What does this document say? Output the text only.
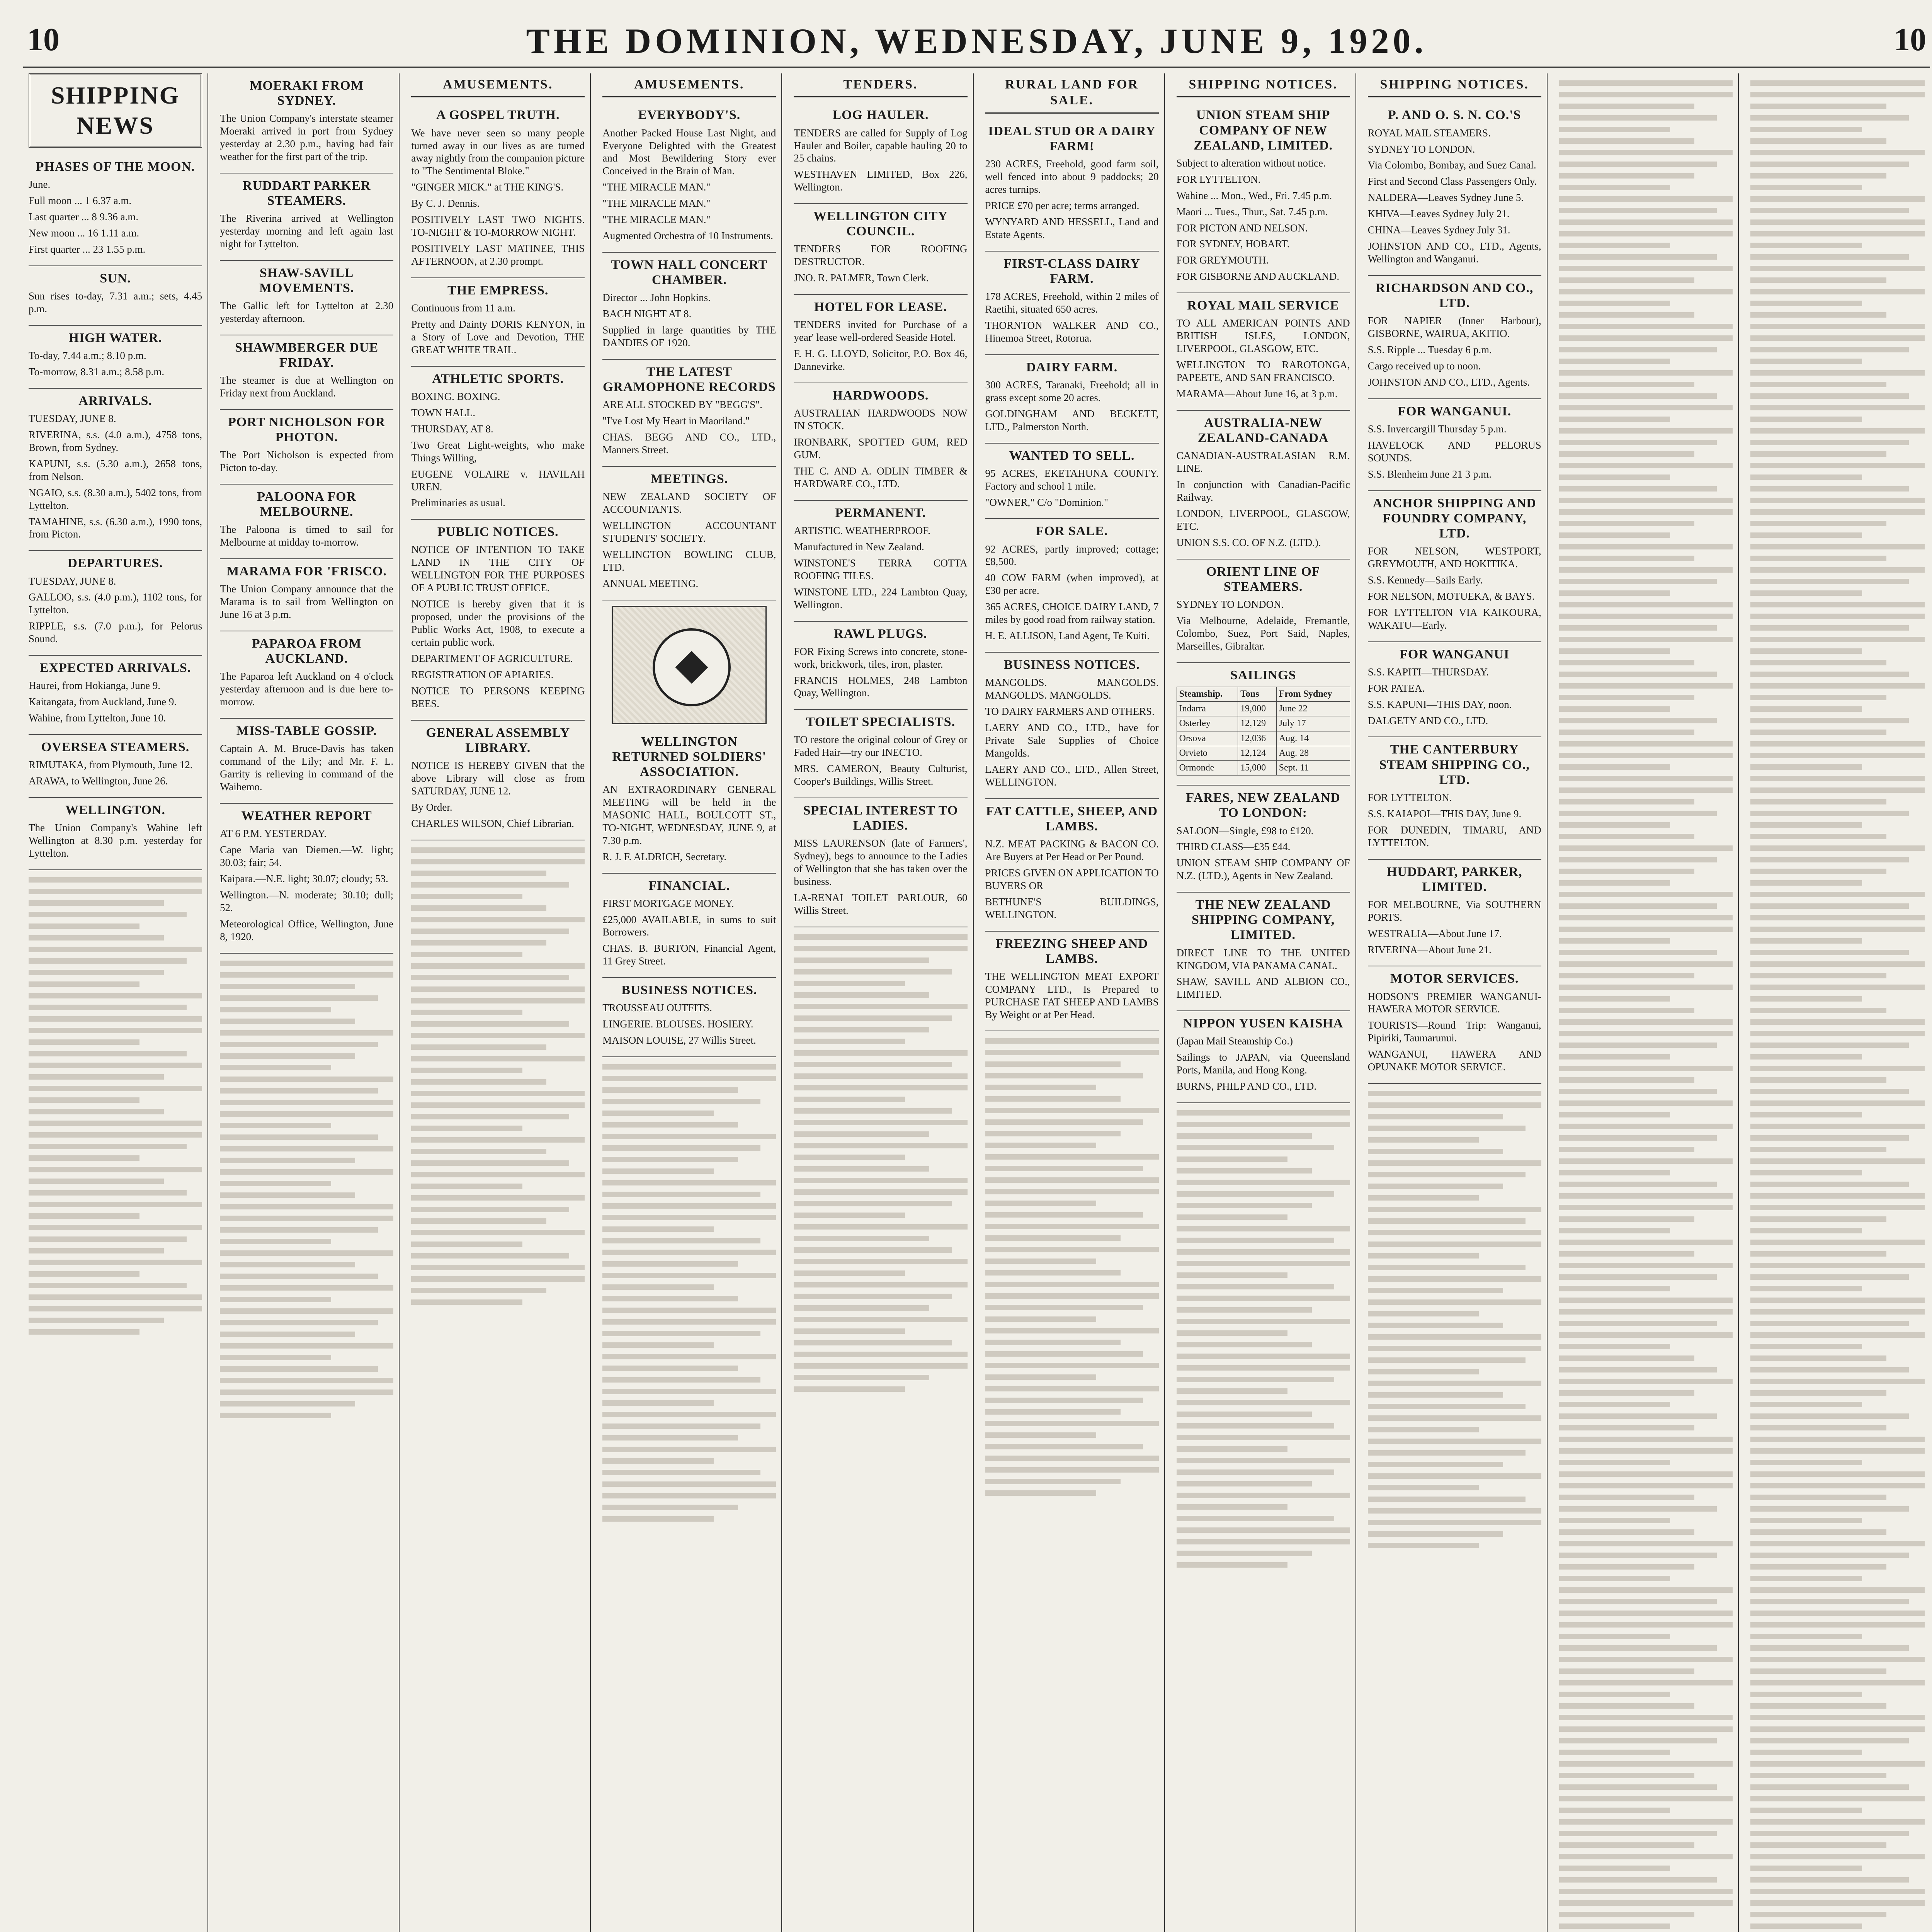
10	THE DOMINION, WEDNESDAY, JUNE 9, 1920.	10
SHIPPING NEWS
PHASES OF THE MOON.

June.

Full moon ... 1 6.37 a.m.

Last quarter ... 8 9.36 a.m.

New moon ... 16 1.11 a.m.

First quarter ... 23 1.55 p.m.

SUN.

Sun rises to-day, 7.31 a.m.; sets, 4.45 p.m.

HIGH WATER.

To-day, 7.44 a.m.; 8.10 p.m.

To-morrow, 8.31 a.m.; 8.58 p.m.

ARRIVALS.

TUESDAY, JUNE 8.

RIVERINA, s.s. (4.0 a.m.), 4758 tons, Brown, from Sydney.

KAPUNI, s.s. (5.30 a.m.), 2658 tons, from Nelson.

NGAIO, s.s. (8.30 a.m.), 5402 tons, from Lyttelton.

TAMAHINE, s.s. (6.30 a.m.), 1990 tons, from Picton.

DEPARTURES.

TUESDAY, JUNE 8.

GALLOO, s.s. (4.0 p.m.), 1102 tons, for Lyttelton.

RIPPLE, s.s. (7.0 p.m.), for Pelorus Sound.

EXPECTED ARRIVALS.

Haurei, from Hokianga, June 9.

Kaitangata, from Auckland, June 9.

Wahine, from Lyttelton, June 10.

OVERSEA STEAMERS.

RIMUTAKA, from Plymouth, June 12.

ARAWA, to Wellington, June 26.

WELLINGTON.

The Union Company's Wahine left Wellington at 8.30 p.m. yesterday for Lyttelton.

MOERAKI FROM SYDNEY.

The Union Company's interstate steamer Moeraki arrived in port from Sydney yesterday at 2.30 p.m., having had fair weather for the first part of the trip.

RUDDART PARKER STEAMERS.

The Riverina arrived at Wellington yesterday morning and left again last night for Lyttelton.

SHAW-SAVILL MOVEMENTS.

The Gallic left for Lyttelton at 2.30 yesterday afternoon.

SHAWMBERGER DUE FRIDAY.

The steamer is due at Wellington on Friday next from Auckland.

PORT NICHOLSON FOR PHOTON.

The Port Nicholson is expected from Picton to-day.

PALOONA FOR MELBOURNE.

The Paloona is timed to sail for Melbourne at midday to-morrow.

MARAMA FOR 'FRISCO.

The Union Company announce that the Marama is to sail from Wellington on June 16 at 3 p.m.

PAPAROA FROM AUCKLAND.

The Paparoa left Auckland on 4 o'clock yesterday afternoon and is due here to-morrow.

MISS-TABLE GOSSIP.

Captain A. M. Bruce-Davis has taken command of the Lily; and Mr. F. L. Garrity is relieving in command of the Waihemo.

WEATHER REPORT

AT 6 P.M. YESTERDAY.

Cape Maria van Diemen.—W. light; 30.03; fair; 54.

Kaipara.—N.E. light; 30.07; cloudy; 53.

Wellington.—N. moderate; 30.10; dull; 52.

Meteorological Office, Wellington, June 8, 1920.

AMUSEMENTS.
A GOSPEL TRUTH.

We have never seen so many people turned away in our lives as are turned away nightly from the companion picture to "The Sentimental Bloke."

"GINGER MICK." at THE KING'S.

By C. J. Dennis.

POSITIVELY LAST TWO NIGHTS. TO-NIGHT & TO-MORROW NIGHT.

POSITIVELY LAST MATINEE, THIS AFTERNOON, at 2.30 prompt.

THE EMPRESS.

Continuous from 11 a.m.

Pretty and Dainty DORIS KENYON, in a Story of Love and Devotion, THE GREAT WHITE TRAIL.

ATHLETIC SPORTS.

BOXING. BOXING.

TOWN HALL.

THURSDAY, AT 8.

Two Great Light-weights, who make Things Willing,

EUGENE VOLAIRE v. HAVILAH UREN.

Preliminaries as usual.

PUBLIC NOTICES.

NOTICE OF INTENTION TO TAKE LAND IN THE CITY OF WELLINGTON FOR THE PURPOSES OF A PUBLIC TRUST OFFICE.

NOTICE is hereby given that it is proposed, under the provisions of the Public Works Act, 1908, to execute a certain public work.

DEPARTMENT OF AGRICULTURE.

REGISTRATION OF APIARIES.

NOTICE TO PERSONS KEEPING BEES.

GENERAL ASSEMBLY LIBRARY.

NOTICE IS HEREBY GIVEN that the above Library will close as from SATURDAY, JUNE 12.

By Order.

CHARLES WILSON, Chief Librarian.

AMUSEMENTS.
EVERYBODY'S.

Another Packed House Last Night, and Everyone Delighted with the Greatest and Most Bewildering Story ever Conceived in the Brain of Man.

"THE MIRACLE MAN."

"THE MIRACLE MAN."

"THE MIRACLE MAN."

Augmented Orchestra of 10 Instruments.

TOWN HALL CONCERT CHAMBER.

Director ... John Hopkins.

BACH NIGHT AT 8.

Supplied in large quantities by THE DANDIES OF 1920.

THE LATEST GRAMOPHONE RECORDS

ARE ALL STOCKED BY "BEGG'S".

"I've Lost My Heart in Maoriland."

CHAS. BEGG AND CO., LTD., Manners Street.

MEETINGS.

NEW ZEALAND SOCIETY OF ACCOUNTANTS.

WELLINGTON ACCOUNTANT STUDENTS' SOCIETY.

WELLINGTON BOWLING CLUB, LTD.

ANNUAL MEETING.

WELLINGTON RETURNED SOLDIERS' ASSOCIATION.

AN EXTRAORDINARY GENERAL MEETING will be held in the MASONIC HALL, BOULCOTT ST., TO-NIGHT, WEDNESDAY, JUNE 9, at 7.30 p.m.

R. J. F. ALDRICH, Secretary.

FINANCIAL.

FIRST MORTGAGE MONEY.

£25,000 AVAILABLE, in sums to suit Borrowers.

CHAS. B. BURTON, Financial Agent, 11 Grey Street.

BUSINESS NOTICES.

TROUSSEAU OUTFITS.

LINGERIE. BLOUSES. HOSIERY.

MAISON LOUISE, 27 Willis Street.

TENDERS.
LOG HAULER.

TENDERS are called for Supply of Log Hauler and Boiler, capable hauling 20 to 25 chains.

WESTHAVEN LIMITED, Box 226, Wellington.

WELLINGTON CITY COUNCIL.

TENDERS FOR ROOFING DESTRUCTOR.

JNO. R. PALMER, Town Clerk.

HOTEL FOR LEASE.

TENDERS invited for Purchase of a year' lease well-ordered Seaside Hotel.

F. H. G. LLOYD, Solicitor, P.O. Box 46, Dannevirke.

HARDWOODS.

AUSTRALIAN HARDWOODS NOW IN STOCK.

IRONBARK, SPOTTED GUM, RED GUM.

THE C. AND A. ODLIN TIMBER & HARDWARE CO., LTD.

PERMANENT.

ARTISTIC. WEATHERPROOF.

Manufactured in New Zealand.

WINSTONE'S TERRA COTTA ROOFING TILES.

WINSTONE LTD., 224 Lambton Quay, Wellington.

RAWL PLUGS.

FOR Fixing Screws into concrete, stone-work, brickwork, tiles, iron, plaster.

FRANCIS HOLMES, 248 Lambton Quay, Wellington.

TOILET SPECIALISTS.

TO restore the original colour of Grey or Faded Hair—try our INECTO.

MRS. CAMERON, Beauty Culturist, Cooper's Buildings, Willis Street.

SPECIAL INTEREST TO LADIES.

MISS LAURENSON (late of Farmers', Sydney), begs to announce to the Ladies of Wellington that she has taken over the business.

LA-RENAI TOILET PARLOUR, 60 Willis Street.

RURAL LAND FOR SALE.
IDEAL STUD OR A DAIRY FARM!

230 ACRES, Freehold, good farm soil, well fenced into about 9 paddocks; 20 acres turnips.

PRICE £70 per acre; terms arranged.

WYNYARD AND HESSELL, Land and Estate Agents.

FIRST-CLASS DAIRY FARM.

178 ACRES, Freehold, within 2 miles of Raetihi, situated 650 acres.

THORNTON WALKER AND CO., Hinemoa Street, Rotorua.

DAIRY FARM.

300 ACRES, Taranaki, Freehold; all in grass except some 20 acres.

GOLDINGHAM AND BECKETT, LTD., Palmerston North.

WANTED TO SELL.

95 ACRES, EKETAHUNA COUNTY. Factory and school 1 mile.

"OWNER," C/o "Dominion."

FOR SALE.

92 ACRES, partly improved; cottage; £8,500.

40 COW FARM (when improved), at £30 per acre.

365 ACRES, CHOICE DAIRY LAND, 7 miles by good road from railway station.

H. E. ALLISON, Land Agent, Te Kuiti.

BUSINESS NOTICES.

MANGOLDS. MANGOLDS. MANGOLDS. MANGOLDS.

TO DAIRY FARMERS AND OTHERS.

LAERY AND CO., LTD., have for Private Sale Supplies of Choice Mangolds.

LAERY AND CO., LTD., Allen Street, WELLINGTON.

FAT CATTLE, SHEEP, AND LAMBS.

N.Z. MEAT PACKING & BACON CO. Are Buyers at Per Head or Per Pound.

PRICES GIVEN ON APPLICATION TO BUYERS OR

BETHUNE'S BUILDINGS, WELLINGTON.

FREEZING SHEEP AND LAMBS.

THE WELLINGTON MEAT EXPORT COMPANY LTD., Is Prepared to PURCHASE FAT SHEEP AND LAMBS By Weight or at Per Head.

SHIPPING NOTICES.
UNION STEAM SHIP COMPANY OF NEW ZEALAND, LIMITED.

Subject to alteration without notice.

FOR LYTTELTON.

Wahine ... Mon., Wed., Fri. 7.45 p.m.

Maori ... Tues., Thur., Sat. 7.45 p.m.

FOR PICTON AND NELSON.

FOR SYDNEY, HOBART.

FOR GREYMOUTH.

FOR GISBORNE AND AUCKLAND.

ROYAL MAIL SERVICE

TO ALL AMERICAN POINTS AND BRITISH ISLES, LONDON, LIVERPOOL, GLASGOW, ETC.

WELLINGTON TO RAROTONGA, PAPEETE, AND SAN FRANCISCO.

MARAMA—About June 16, at 3 p.m.

AUSTRALIA-NEW ZEALAND-CANADA

CANADIAN-AUSTRALASIAN R.M. LINE.

In conjunction with Canadian-Pacific Railway.

LONDON, LIVERPOOL, GLASGOW, ETC.

UNION S.S. CO. OF N.Z. (LTD.).

ORIENT LINE OF STEAMERS.

SYDNEY TO LONDON.

Via Melbourne, Adelaide, Fremantle, Colombo, Suez, Port Said, Naples, Marseilles, Gibraltar.

SAILINGS
Steamship.	Tons	From Sydney
Indarra	19,000	June 22
Osterley	12,129	July 17
Orsova	12,036	Aug. 14
Orvieto	12,124	Aug. 28
Ormonde	15,000	Sept. 11
FARES, NEW ZEALAND TO LONDON:

SALOON—Single, £98 to £120.

THIRD CLASS—£35 £44.

UNION STEAM SHIP COMPANY OF N.Z. (LTD.), Agents in New Zealand.

THE NEW ZEALAND SHIPPING COMPANY, LIMITED.

DIRECT LINE TO THE UNITED KINGDOM, VIA PANAMA CANAL.

SHAW, SAVILL AND ALBION CO., LIMITED.

NIPPON YUSEN KAISHA

(Japan Mail Steamship Co.)

Sailings to JAPAN, via Queensland Ports, Manila, and Hong Kong.

BURNS, PHILP AND CO., LTD.

SHIPPING NOTICES.
P. AND O. S. N. CO.'S

ROYAL MAIL STEAMERS.

SYDNEY TO LONDON.

Via Colombo, Bombay, and Suez Canal.

First and Second Class Passengers Only.

NALDERA—Leaves Sydney June 5.

KHIVA—Leaves Sydney July 21.

CHINA—Leaves Sydney July 31.

JOHNSTON AND CO., LTD., Agents, Wellington and Wanganui.

RICHARDSON AND CO., LTD.

FOR NAPIER (Inner Harbour), GISBORNE, WAIRUA, AKITIO.

S.S. Ripple ... Tuesday 6 p.m.

Cargo received up to noon.

JOHNSTON AND CO., LTD., Agents.

FOR WANGANUI.

S.S. Invercargill Thursday 5 p.m.

HAVELOCK AND PELORUS SOUNDS.

S.S. Blenheim June 21 3 p.m.

ANCHOR SHIPPING AND FOUNDRY COMPANY, LTD.

FOR NELSON, WESTPORT, GREYMOUTH, AND HOKITIKA.

S.S. Kennedy—Sails Early.

FOR NELSON, MOTUEKA, & BAYS.

FOR LYTTELTON VIA KAIKOURA, WAKATU—Early.

FOR WANGANUI

S.S. KAPITI—THURSDAY.

FOR PATEA.

S.S. KAPUNI—THIS DAY, noon.

DALGETY AND CO., LTD.

THE CANTERBURY STEAM SHIPPING CO., LTD.

FOR LYTTELTON.

S.S. KAIAPOI—THIS DAY, June 9.

FOR DUNEDIN, TIMARU, AND LYTTELTON.

HUDDART, PARKER, LIMITED.

FOR MELBOURNE, Via SOUTHERN PORTS.

WESTRALIA—About June 17.

RIVERINA—About June 21.

MOTOR SERVICES.

HODSON'S PREMIER WANGANUI-HAWERA MOTOR SERVICE.

TOURISTS—Round Trip: Wanganui, Pipiriki, Taumarunui.

WANGANUI, HAWERA AND OPUNAKE MOTOR SERVICE.
